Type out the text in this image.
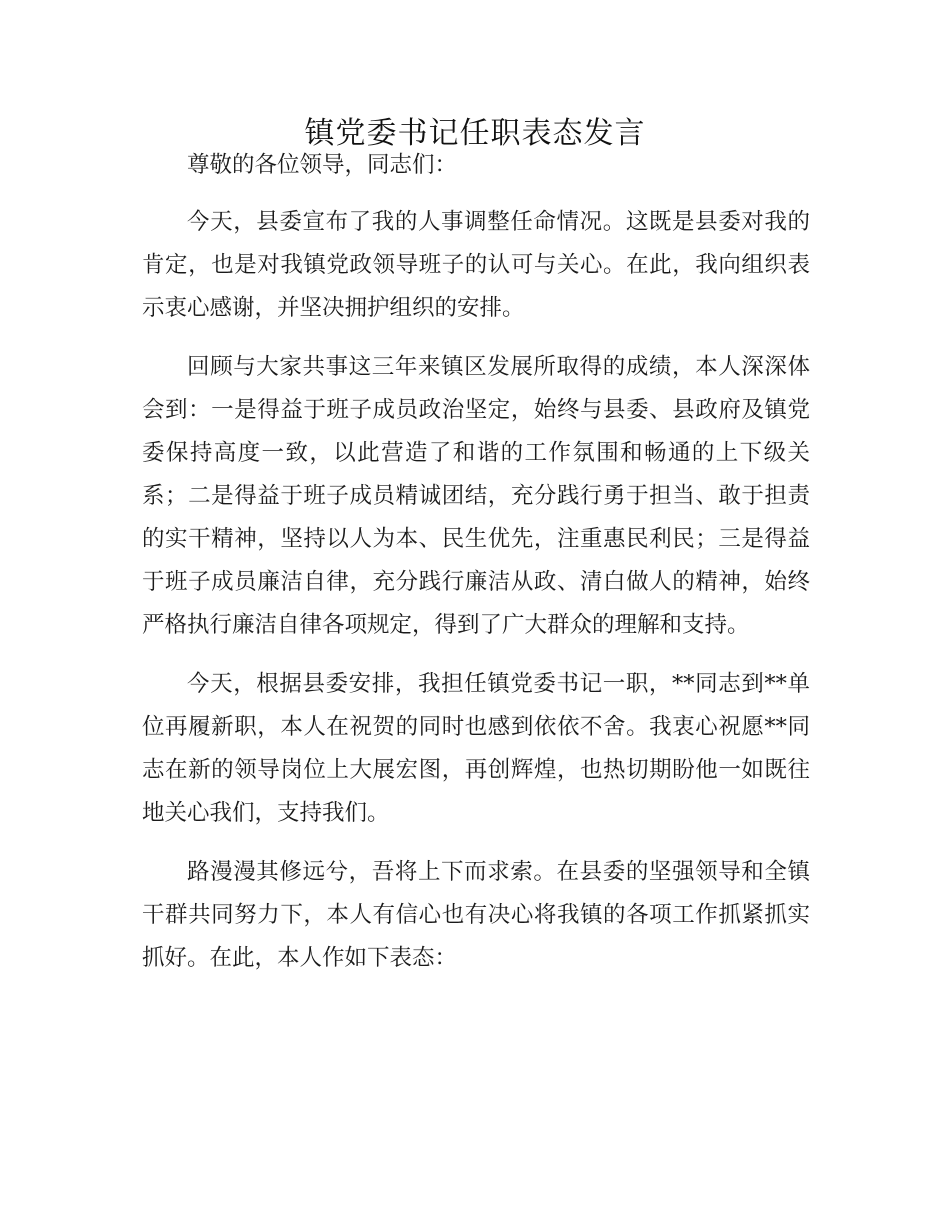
镇党委书记任职表态发言

尊敬的各位领导，同志们：

今天，县委宣布了我的人事调整任命情况。这既是县委对我的肯定，也是对我镇党政领导班子的认可与关心。在此，我向组织表示衷心感谢，并坚决拥护组织的安排。

回顾与大家共事这三年来镇区发展所取得的成绩，本人深深体会到：一是得益于班子成员政治坚定，始终与县委、县政府及镇党委保持高度一致，以此营造了和谐的工作氛围和畅通的上下级关系；二是得益于班子成员精诚团结，充分践行勇于担当、敢于担责的实干精神，坚持以人为本、民生优先，注重惠民利民；三是得益于班子成员廉洁自律，充分践行廉洁从政、清白做人的精神，始终严格执行廉洁自律各项规定，得到了广大群众的理解和支持。

今天，根据县委安排，我担任镇党委书记一职，**同志到**单位再履新职，本人在祝贺的同时也感到依依不舍。我衷心祝愿**同志在新的领导岗位上大展宏图，再创辉煌，也热切期盼他一如既往地关心我们，支持我们。

路漫漫其修远兮，吾将上下而求索。在县委的坚强领导和全镇干群共同努力下，本人有信心也有决心将我镇的各项工作抓紧抓实抓好。在此，本人作如下表态：
